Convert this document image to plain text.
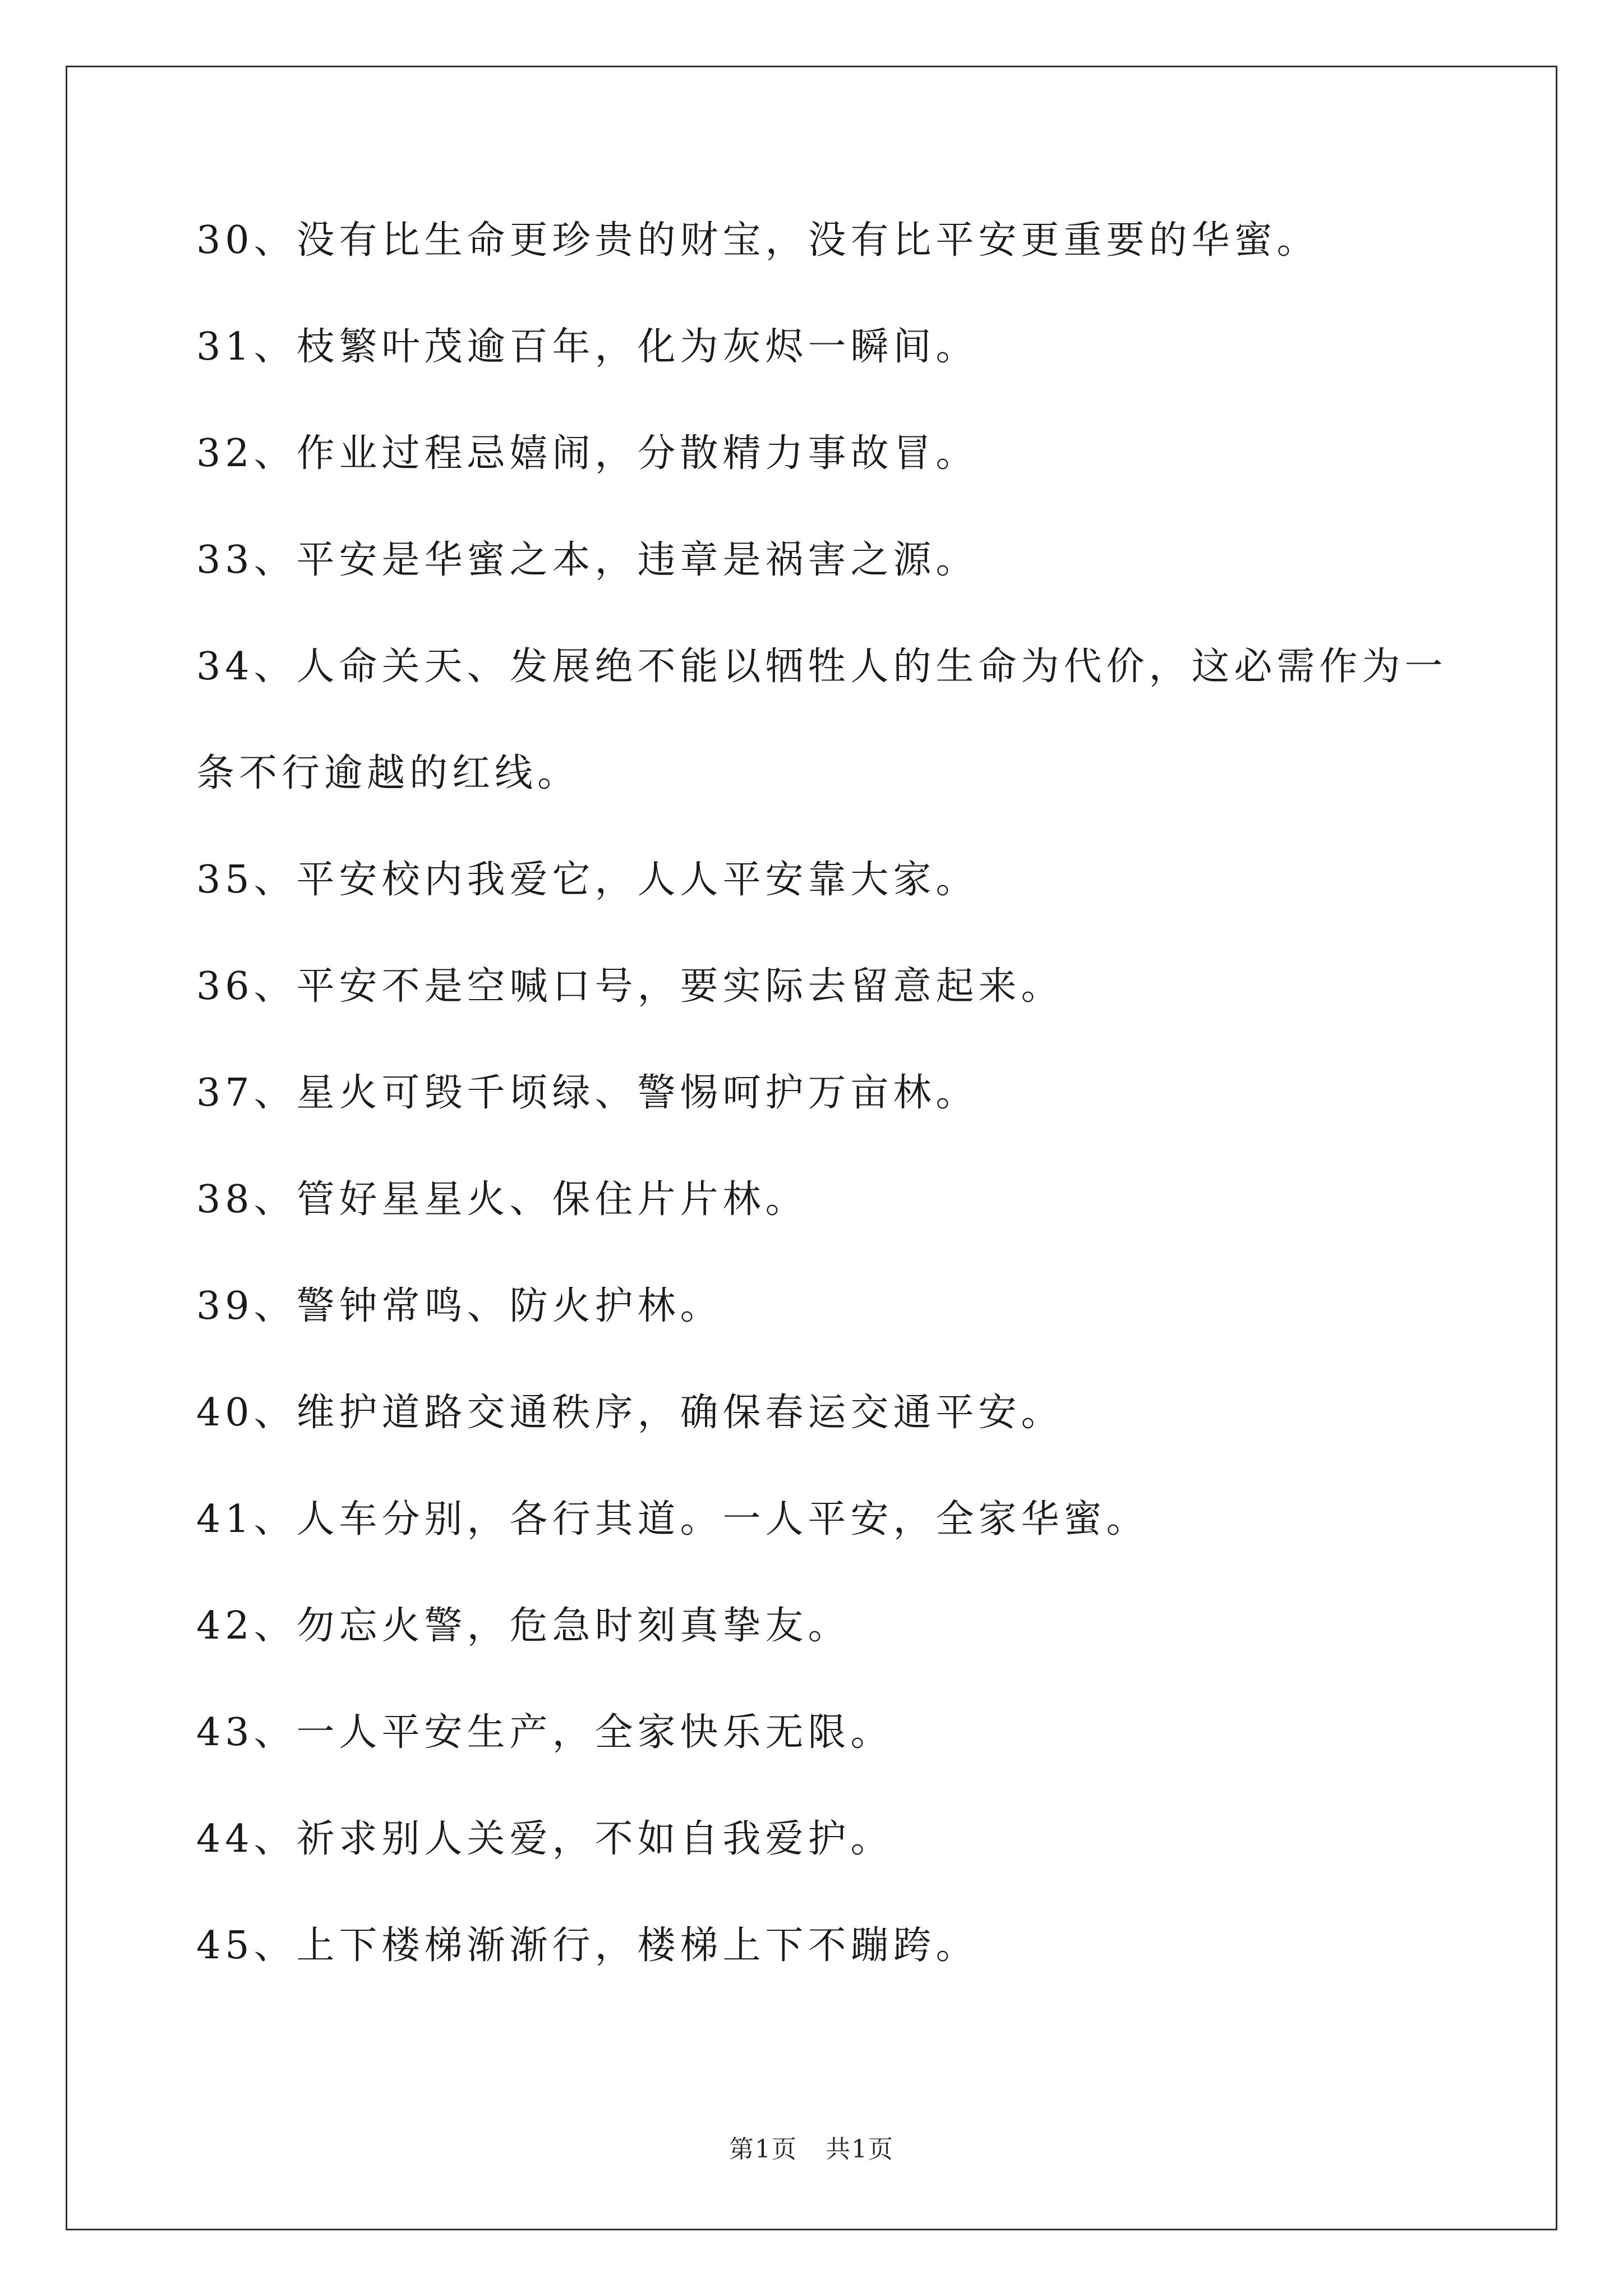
30、没有比生命更珍贵的财宝，没有比平安更重要的华蜜。

31、枝繁叶茂逾百年，化为灰烬一瞬间。

32、作业过程忌嬉闹，分散精力事故冒。

33、平安是华蜜之本，违章是祸害之源。

34、人命关天、发展绝不能以牺牲人的生命为代价，这必需作为一条不行逾越的红线。

35、平安校内我爱它，人人平安靠大家。

36、平安不是空喊口号，要实际去留意起来。

37、星火可毁千顷绿、警惕呵护万亩林。

38、管好星星火、保住片片林。

39、警钟常鸣、防火护林。

40、维护道路交通秩序，确保春运交通平安。

41、人车分别，各行其道。一人平安，全家华蜜。

42、勿忘火警，危急时刻真挚友。

43、一人平安生产，全家快乐无限。

44、祈求别人关爱，不如自我爱护。

45、上下楼梯渐渐行，楼梯上下不蹦跨。

第1页 共1页
